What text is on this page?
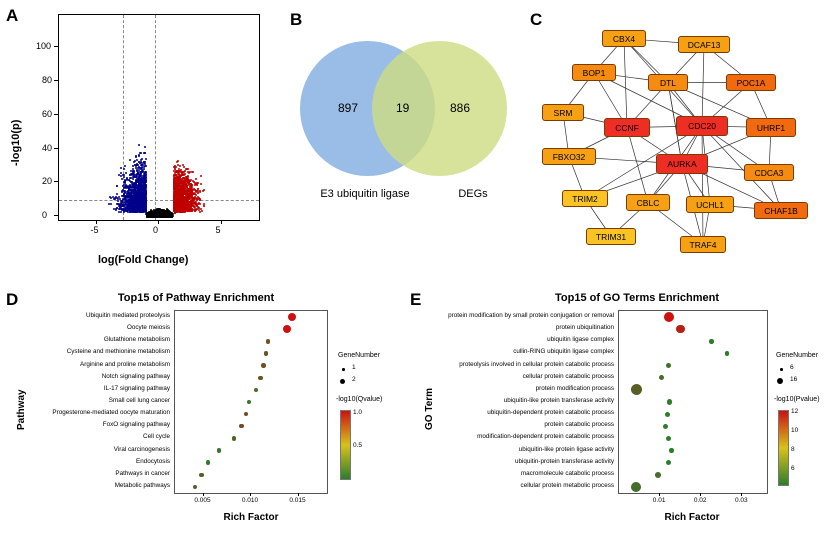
A
-log10(p)
log(Fold Change)
-5	0	5
0
20
40
60
80
100
B
897	19	886
E3 ubiquitin ligase	DEGs
C
CBX4
DCAF13
BOP1
DTL	POC1A
SRM
CCNF	CDC20	UHRF1
FBXO32
AURKA
CDCA3
TRIM2	CBLC	UCHL1
CHAF1B
TRIM31
TRAF4
D	Top15 of Pathway Enrichment
Ubiquitin mediated proteolysis
Oocyte meiosis
Glutathione metabolism
Cysteine and methionine metabolism
Arginine and proline metabolism
Notch signaling pathway
IL-17 signaling pathway
Small cell lung cancer
Progesterone-mediated oocyte maturation
FoxO signaling pathway
Cell cycle
Viral carcinogenesis
Endocytosis
Pathways in cancer
Metabolic pathways
0.005	0.010	0.015
Pathway
Rich Factor
GeneNumber
1
2
-log10(Qvalue)
1.0
0.5
E	Top15 of GO Terms Enrichment
protein modification by small protein conjugation or removal
protein ubiquitination
ubiquitin ligase complex
cullin-RING ubiquitin ligase complex
proteolysis involved in cellular protein catabolic process
cellular protein catabolic process
protein modification process
ubiquitin-like protein transferase activity
ubiquitin-dependent protein catabolic process
protein catabolic process
modification-dependent protein catabolic process
ubiquitin-like protein ligase activity
ubiquitin-protein transferase activity
macromolecule catabolic process
cellular protein metabolic process
0.01	0.02	0.03
GO Term
Rich Factor
GeneNumber
6
16
-log10(Pvalue)
12
10
8
6
